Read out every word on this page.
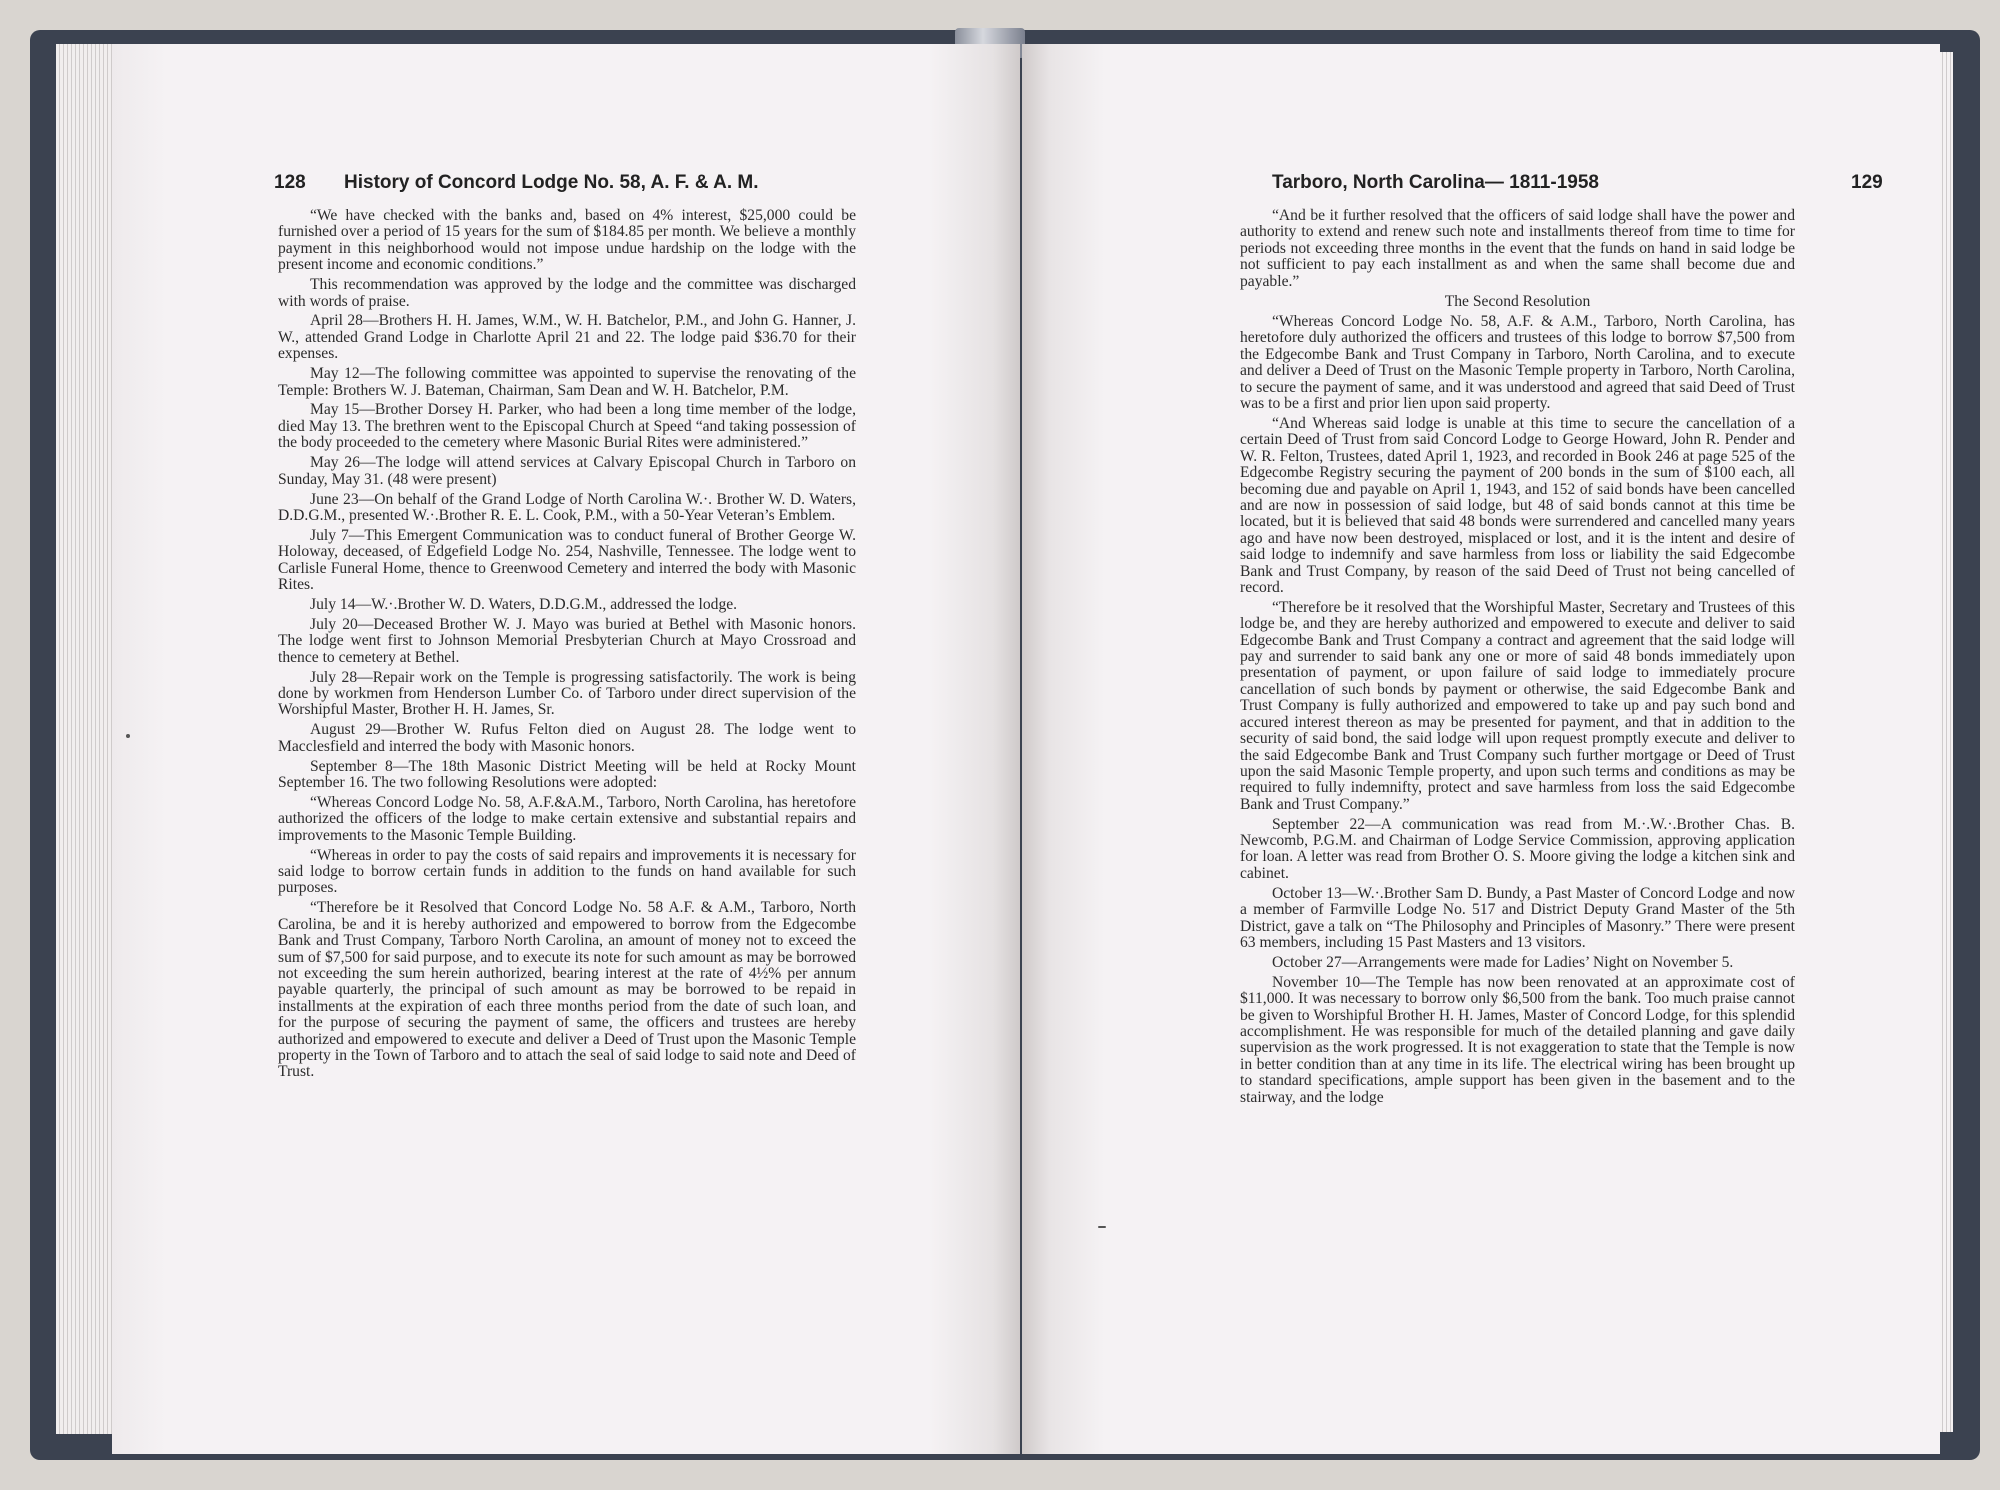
128 History of Concord Lodge No. 58, A. F. & A. M.

“We have checked with the banks and, based on 4% interest, $25,000 could be furnished over a period of 15 years for the sum of $184.85 per month. We believe a monthly payment in this neighborhood would not impose undue hardship on the lodge with the present income and economic conditions.”

This recommendation was approved by the lodge and the committee was discharged with words of praise.

April 28—Brothers H. H. James, W.M., W. H. Batchelor, P.M., and John G. Hanner, J. W., attended Grand Lodge in Charlotte April 21 and 22. The lodge paid $36.70 for their expenses.

May 12—The following committee was appointed to supervise the renovating of the Temple: Brothers W. J. Bateman, Chairman, Sam Dean and W. H. Batchelor, P.M.

May 15—Brother Dorsey H. Parker, who had been a long time member of the lodge, died May 13. The brethren went to the Episcopal Church at Speed “and taking possession of the body proceeded to the cemetery where Masonic Burial Rites were administered.”

May 26—The lodge will attend services at Calvary Episcopal Church in Tarboro on Sunday, May 31. (48 were present)

June 23—On behalf of the Grand Lodge of North Carolina W.·. Brother W. D. Waters, D.D.G.M., presented W.·.Brother R. E. L. Cook, P.M., with a 50-Year Veteran’s Emblem.

July 7—This Emergent Communication was to conduct funeral of Brother George W. Holoway, deceased, of Edgefield Lodge No. 254, Nashville, Tennessee. The lodge went to Carlisle Funeral Home, thence to Greenwood Cemetery and interred the body with Masonic Rites.

July 14—W.·.Brother W. D. Waters, D.D.G.M., addressed the lodge.

July 20—Deceased Brother W. J. Mayo was buried at Bethel with Masonic honors. The lodge went first to Johnson Memorial Presbyterian Church at Mayo Crossroad and thence to cemetery at Bethel.

July 28—Repair work on the Temple is progressing satisfactorily. The work is being done by workmen from Henderson Lumber Co. of Tarboro under direct supervision of the Worshipful Master, Brother H. H. James, Sr.

August 29—Brother W. Rufus Felton died on August 28. The lodge went to Macclesfield and interred the body with Masonic honors.

September 8—The 18th Masonic District Meeting will be held at Rocky Mount September 16. The two following Resolutions were adopted:

“Whereas Concord Lodge No. 58, A.F.&A.M., Tarboro, North Carolina, has heretofore authorized the officers of the lodge to make certain extensive and substantial repairs and improvements to the Masonic Temple Building.

“Whereas in order to pay the costs of said repairs and improvements it is necessary for said lodge to borrow certain funds in addition to the funds on hand available for such purposes.

“Therefore be it Resolved that Concord Lodge No. 58 A.F. & A.M., Tarboro, North Carolina, be and it is hereby authorized and empowered to borrow from the Edgecombe Bank and Trust Company, Tarboro North Carolina, an amount of money not to exceed the sum of $7,500 for said purpose, and to execute its note for such amount as may be borrowed not exceeding the sum herein authorized, bearing interest at the rate of 4½% per annum payable quarterly, the principal of such amount as may be borrowed to be repaid in installments at the expiration of each three months period from the date of such loan, and for the purpose of securing the payment of same, the officers and trustees are hereby authorized and empowered to execute and deliver a Deed of Trust upon the Masonic Temple property in the Town of Tarboro and to attach the seal of said lodge to said note and Deed of Trust.

Tarboro, North Carolina— 1811-1958	129

“And be it further resolved that the officers of said lodge shall have the power and authority to extend and renew such note and installments thereof from time to time for periods not exceeding three months in the event that the funds on hand in said lodge be not sufficient to pay each installment as and when the same shall become due and payable.”

The Second Resolution

“Whereas Concord Lodge No. 58, A.F. & A.M., Tarboro, North Carolina, has heretofore duly authorized the officers and trustees of this lodge to borrow $7,500 from the Edgecombe Bank and Trust Company in Tarboro, North Carolina, and to execute and deliver a Deed of Trust on the Masonic Temple property in Tarboro, North Carolina, to secure the payment of same, and it was understood and agreed that said Deed of Trust was to be a first and prior lien upon said property.

“And Whereas said lodge is unable at this time to secure the cancellation of a certain Deed of Trust from said Concord Lodge to George Howard, John R. Pender and W. R. Felton, Trustees, dated April 1, 1923, and recorded in Book 246 at page 525 of the Edgecombe Registry securing the payment of 200 bonds in the sum of $100 each, all becoming due and payable on April 1, 1943, and 152 of said bonds have been cancelled and are now in possession of said lodge, but 48 of said bonds cannot at this time be located, but it is believed that said 48 bonds were surrendered and cancelled many years ago and have now been destroyed, misplaced or lost, and it is the intent and desire of said lodge to indemnify and save harmless from loss or liability the said Edgecombe Bank and Trust Company, by reason of the said Deed of Trust not being cancelled of record.

“Therefore be it resolved that the Worshipful Master, Secretary and Trustees of this lodge be, and they are hereby authorized and empowered to execute and deliver to said Edgecombe Bank and Trust Company a contract and agreement that the said lodge will pay and surrender to said bank any one or more of said 48 bonds immediately upon presentation of payment, or upon failure of said lodge to immediately procure cancellation of such bonds by payment or otherwise, the said Edgecombe Bank and Trust Company is fully authorized and empowered to take up and pay such bond and accured interest thereon as may be presented for payment, and that in addition to the security of said bond, the said lodge will upon request promptly execute and deliver to the said Edgecombe Bank and Trust Company such further mortgage or Deed of Trust upon the said Masonic Temple property, and upon such terms and conditions as may be required to fully indemnifty, protect and save harmless from loss the said Edgecombe Bank and Trust Company.”

September 22—A communication was read from M.·.W.·.Brother Chas. B. Newcomb, P.G.M. and Chairman of Lodge Service Commission, approving application for loan. A letter was read from Brother O. S. Moore giving the lodge a kitchen sink and cabinet.

October 13—W.·.Brother Sam D. Bundy, a Past Master of Concord Lodge and now a member of Farmville Lodge No. 517 and District Deputy Grand Master of the 5th District, gave a talk on “The Philosophy and Principles of Masonry.” There were present 63 members, including 15 Past Masters and 13 visitors.

October 27—Arrangements were made for Ladies’ Night on November 5.

November 10—The Temple has now been renovated at an approximate cost of $11,000. It was necessary to borrow only $6,500 from the bank. Too much praise cannot be given to Worshipful Brother H. H. James, Master of Concord Lodge, for this splendid accomplishment. He was responsible for much of the detailed planning and gave daily supervision as the work progressed. It is not exaggeration to state that the Temple is now in better condition than at any time in its life. The electrical wiring has been brought up to standard specifications, ample support has been given in the basement and to the stairway, and the lodge
